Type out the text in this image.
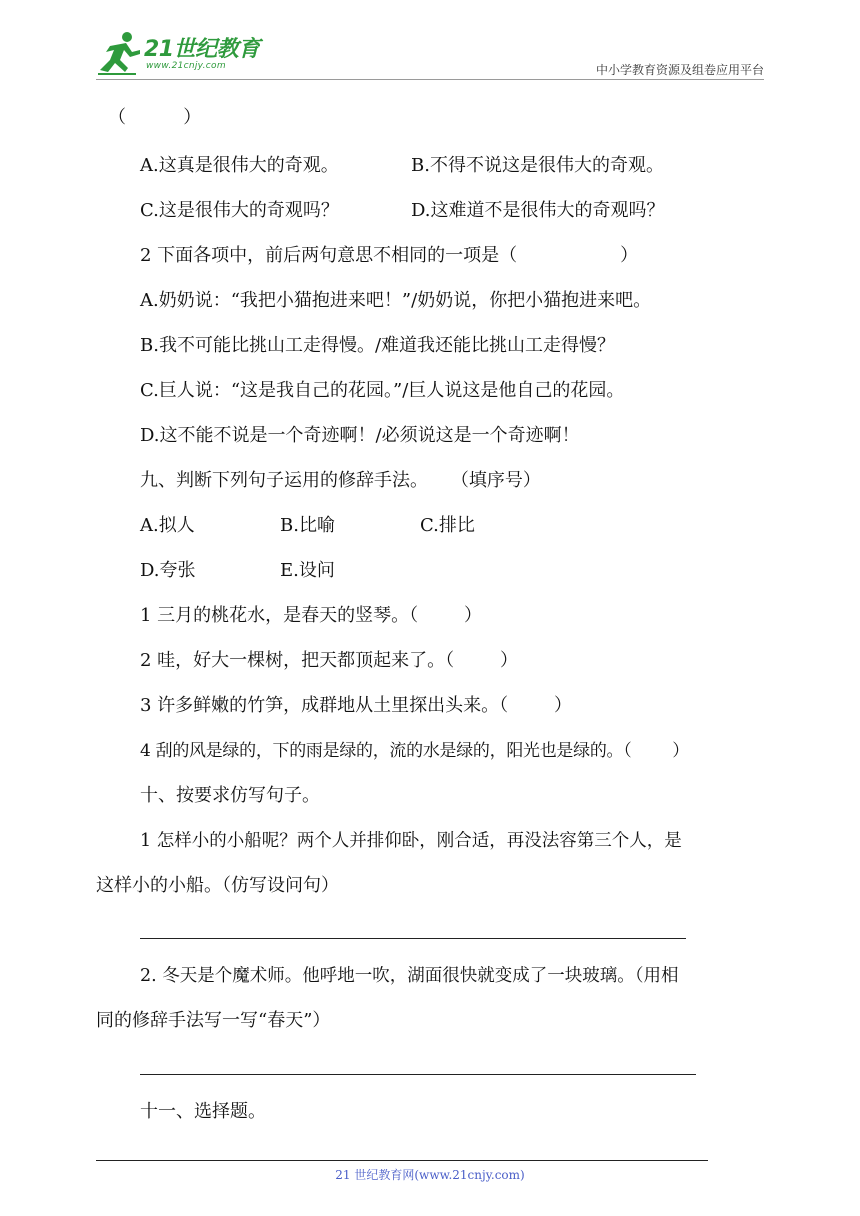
21世纪教育
www.21cnjy.com	中小学教育资源及组卷应用平台
（          ）
A.这真是很伟大的奇观。	B.不得不说这是很伟大的奇观。
C.这是很伟大的奇观吗？	D.这难道不是很伟大的奇观吗？
2 下面各项中，前后两句意思不相同的一项是（                  ）
A.奶奶说：“我把小猫抱进来吧！”/奶奶说，你把小猫抱进来吧。
B.我不可能比挑山工走得慢。/难道我还能比挑山工走得慢？
C.巨人说：“这是我自己的花园。”/巨人说这是他自己的花园。
D.这不能不说是一个奇迹啊！/必须说这是一个奇迹啊！
九、判断下列句子运用的修辞手法。    （填序号）
A.拟人	B.比喻	C.排比
D.夸张	E.设问
1 三月的桃花水，是春天的竖琴。（        ）
2 哇，好大一棵树，把天都顶起来了。（        ）
3 许多鲜嫩的竹笋，成群地从土里探出头来。（        ）
4 刮的风是绿的，下的雨是绿的，流的水是绿的，阳光也是绿的。（        ）
十、按要求仿写句子。
1 怎样小的小船呢？两个人并排仰卧，刚合适，再没法容第三个人，是
这样小的小船。（仿写设问句）
2. 冬天是个魔术师。他呼地一吹，湖面很快就变成了一块玻璃。（用相
同的修辞手法写一写“春天”）
十一、选择题。
21 世纪教育网(www.21cnjy.com)
